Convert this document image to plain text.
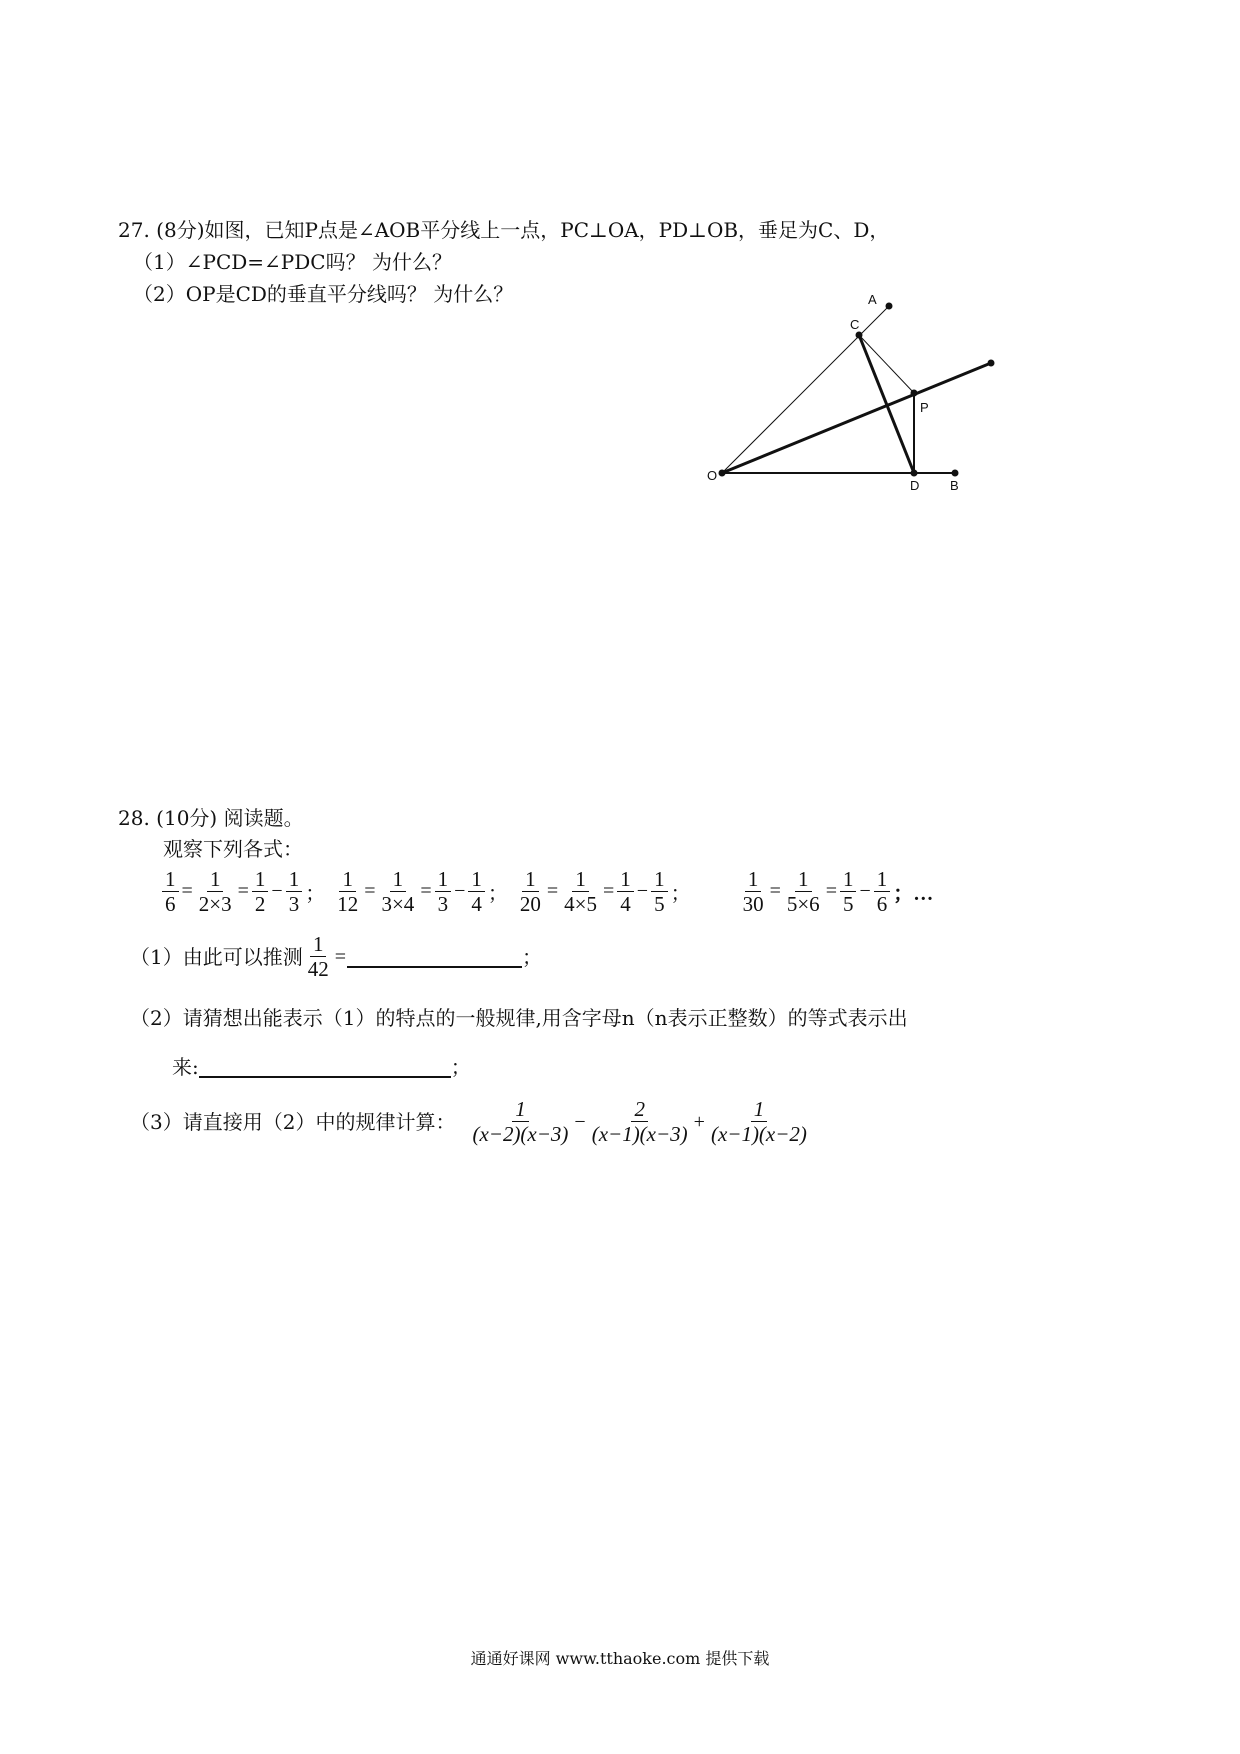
27. (8分)如图，已知P点是∠AOB平分线上一点，PC⊥OA，PD⊥OB，垂足为C、D，
（1）∠PCD=∠PDC吗？ 为什么？
（2）OP是CD的垂直平分线吗？ 为什么？	A
C
P
O
D B
28. (10分) 阅读题。
观察下列各式：
$\frac{1}{6} = \frac{1}{2\times 3} = \frac{1}{2} - \frac{1}{3}$ ； $\frac{1}{12} = \frac{1}{3\times 4} = \frac{1}{3} - \frac{1}{4}$ ； $\frac{1}{20} = \frac{1}{4\times 5} = \frac{1}{4} - \frac{1}{5}$ ； $\frac{1}{30} = \frac{1}{5\times 6} = \frac{1}{5} - \frac{1}{6}$ ；…
（1）由此可以推测 $\frac{1}{42}$ =	；
（2）请猜想出能表示（1）的特点的一般规律,用含字母n（n表示正整数）的等式表示出
来:	；
（3）请直接用（2）中的规律计算： $\frac{1}{(x-2)(x-3)} - \frac{2}{(x-1)(x-3)} + \frac{1}{(x-1)(x-2)}$
通通好课网 www.tthaoke.com 提供下载
